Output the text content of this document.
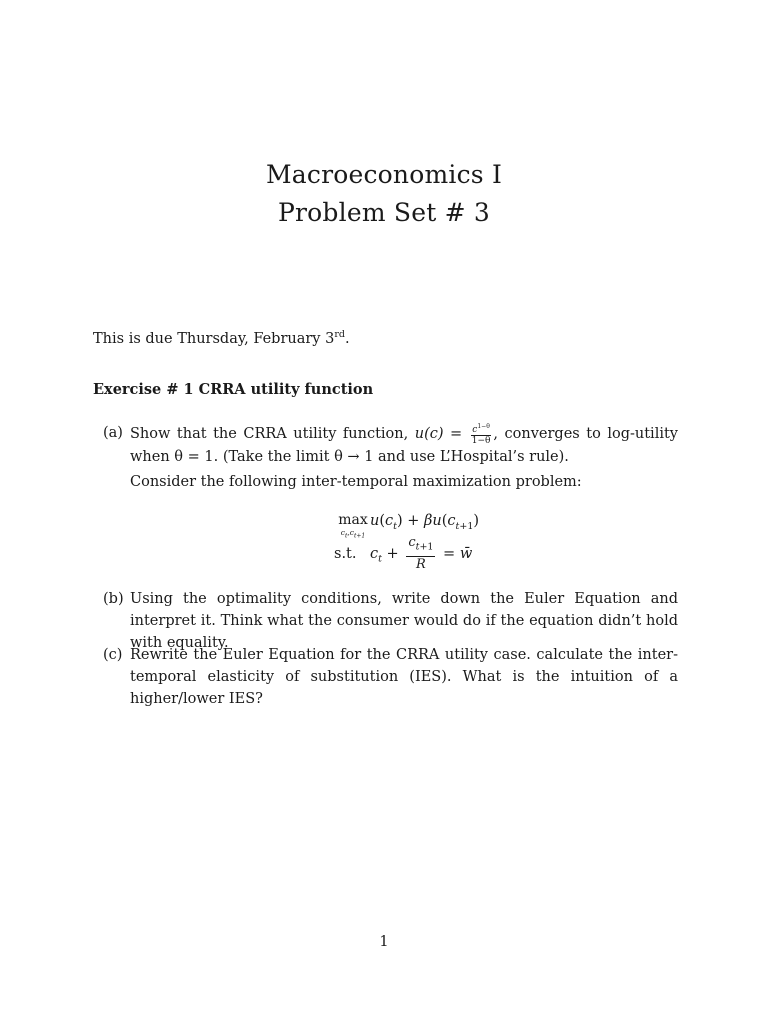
Macroeconomics I
Problem Set # 3

This is due Thursday, February 3rd.

Exercise # 1 CRRA utility function

(a) Show that the CRRA utility function, $u(c) = \frac{c^{1-\theta}}{1-\theta}$ , converges to log-utility when θ = 1. (Take the limit θ → 1 and use L’Hospital’s rule).

Consider the following inter-temporal maximization problem:

max
$c_t,c_{t+1}$
$u(c_t) + \beta u(c_{t+1})$
s.t. $c_t + \frac{c_{t+1}}{R}$ = w̄
(b) Using the optimality conditions, write down the Euler Equation and interpret it. Think what the consumer would do if the equation didn’t hold with equality.
(c) Rewrite the Euler Equation for the CRRA utility case. calculate the inter-temporal elasticity of substitution (IES). What is the intuition of a higher/lower IES?

1
